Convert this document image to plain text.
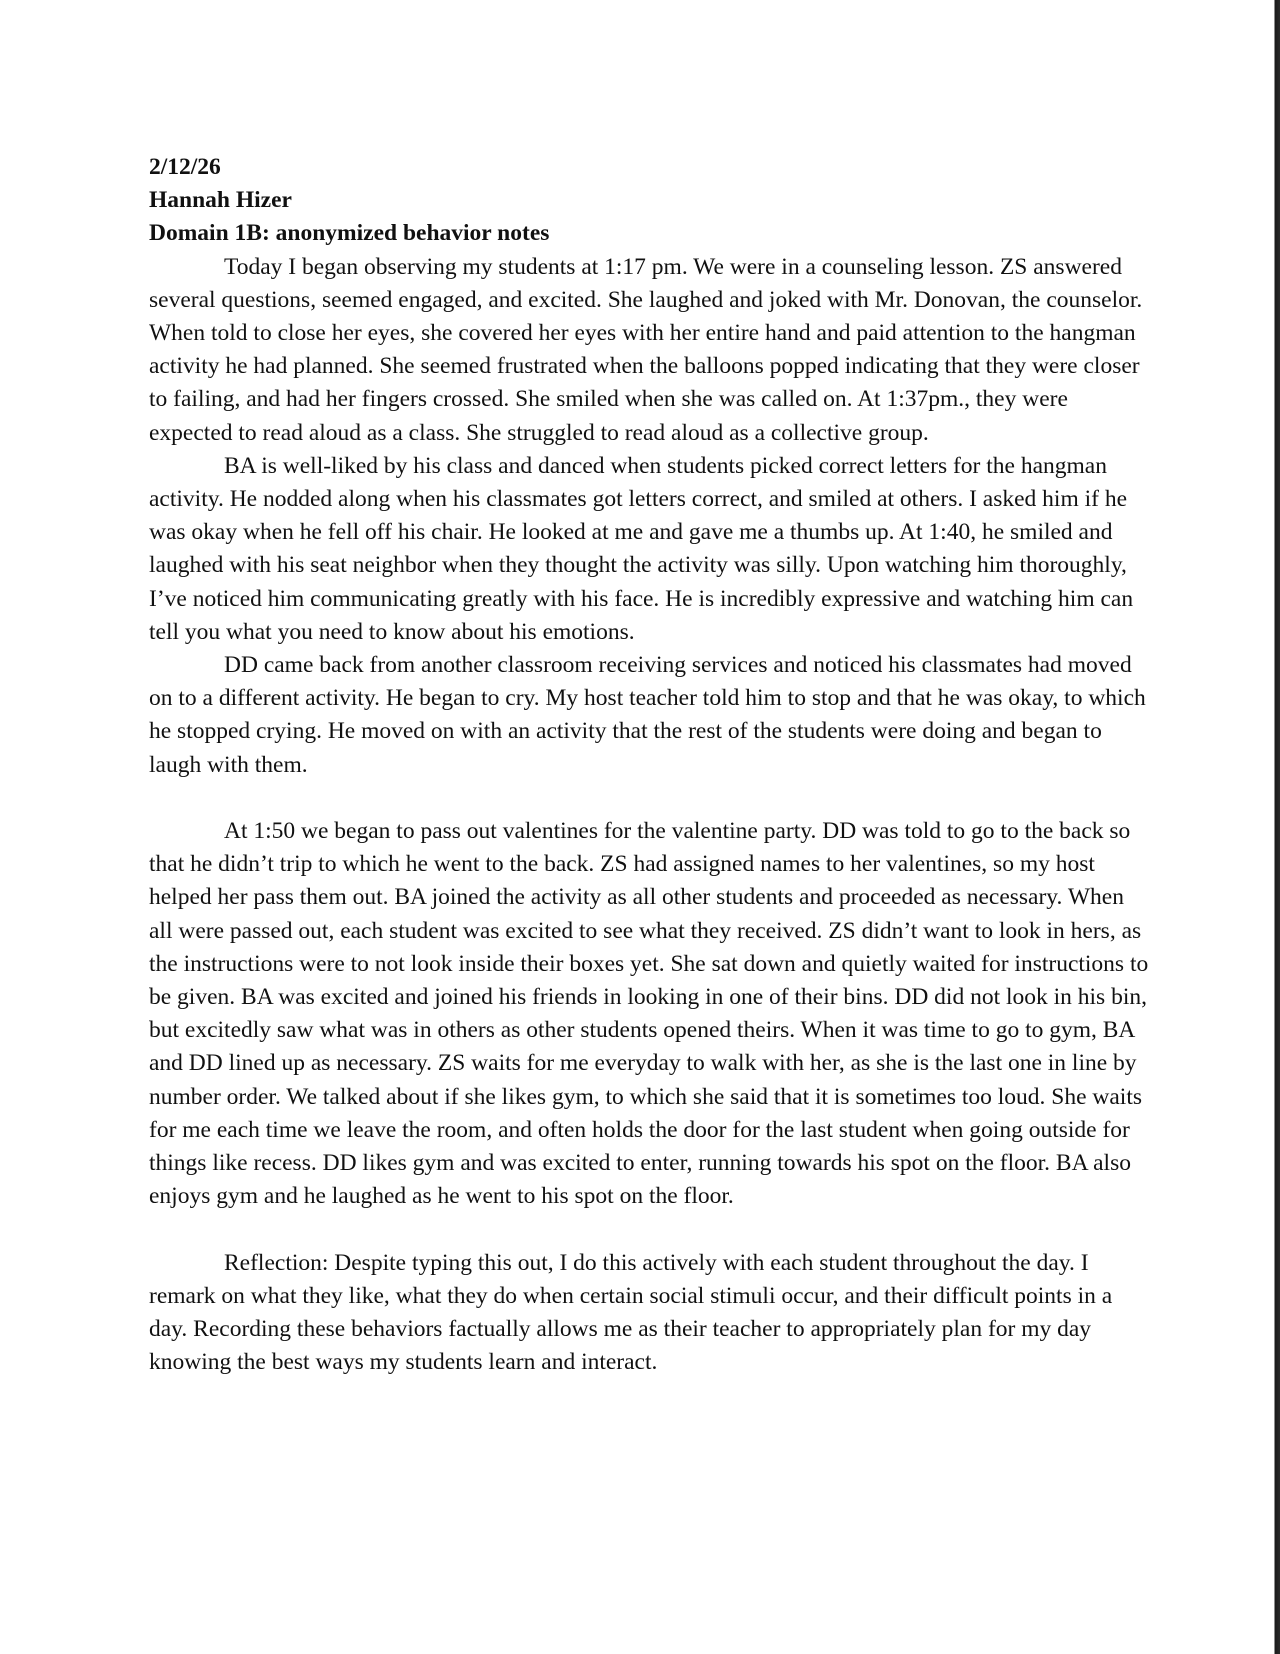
2/12/26

Hannah Hizer

Domain 1B: anonymized behavior notes

Today I began observing my students at 1:17 pm. We were in a counseling lesson. ZS answered several questions, seemed engaged, and excited. She laughed and joked with Mr. Donovan, the counselor. When told to close her eyes, she covered her eyes with her entire hand and paid attention to the hangman activity he had planned. She seemed frustrated when the balloons popped indicating that they were closer to failing, and had her fingers crossed. She smiled when she was called on. At 1:37pm., they were expected to read aloud as a class. She struggled to read aloud as a collective group.

BA is well-liked by his class and danced when students picked correct letters for the hangman activity. He nodded along when his classmates got letters correct, and smiled at others. I asked him if he was okay when he fell off his chair. He looked at me and gave me a thumbs up. At 1:40, he smiled and laughed with his seat neighbor when they thought the activity was silly. Upon watching him thoroughly, I’ve noticed him communicating greatly with his face. He is incredibly expressive and watching him can tell you what you need to know about his emotions.

DD came back from another classroom receiving services and noticed his classmates had moved on to a different activity. He began to cry. My host teacher told him to stop and that he was okay, to which he stopped crying. He moved on with an activity that the rest of the students were doing and began to laugh with them.

At 1:50 we began to pass out valentines for the valentine party. DD was told to go to the back so that he didn’t trip to which he went to the back. ZS had assigned names to her valentines, so my host helped her pass them out. BA joined the activity as all other students and proceeded as necessary. When all were passed out, each student was excited to see what they received. ZS didn’t want to look in hers, as the instructions were to not look inside their boxes yet. She sat down and quietly waited for instructions to be given. BA was excited and joined his friends in looking in one of their bins. DD did not look in his bin, but excitedly saw what was in others as other students opened theirs. When it was time to go to gym, BA and DD lined up as necessary. ZS waits for me everyday to walk with her, as she is the last one in line by number order. We talked about if she likes gym, to which she said that it is sometimes too loud. She waits for me each time we leave the room, and often holds the door for the last student when going outside for things like recess. DD likes gym and was excited to enter, running towards his spot on the floor. BA also enjoys gym and he laughed as he went to his spot on the floor.

Reflection: Despite typing this out, I do this actively with each student throughout the day. I remark on what they like, what they do when certain social stimuli occur, and their difficult points in a day. Recording these behaviors factually allows me as their teacher to appropriately plan for my day knowing the best ways my students learn and interact.
